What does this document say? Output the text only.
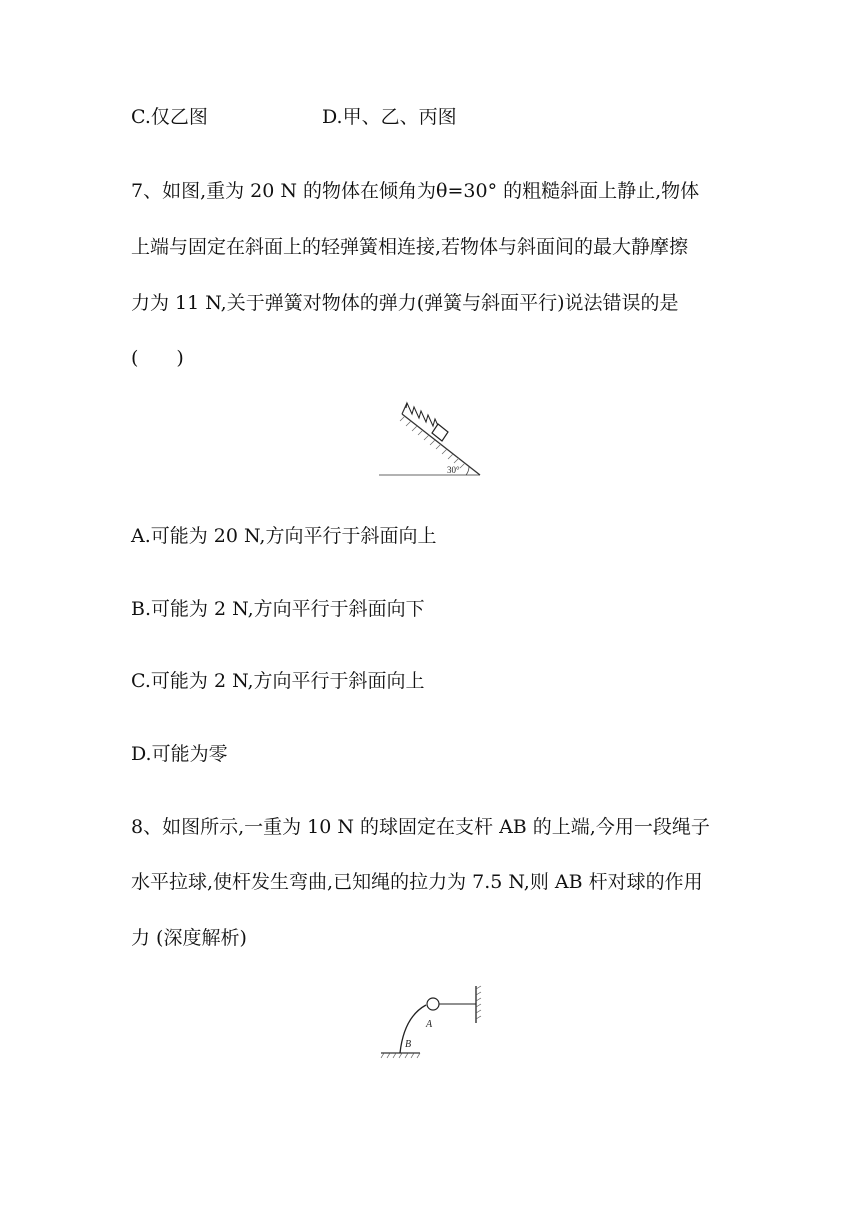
C.仅乙图	D.甲、乙、丙图
7、如图,重为 20 N 的物体在倾角为θ=30° 的粗糙斜面上静止,物体
上端与固定在斜面上的轻弹簧相连接,若物体与斜面间的最大静摩擦
力为 11 N,关于弹簧对物体的弹力(弹簧与斜面平行)说法错误的是
(　　)
30°
A.可能为 20 N,方向平行于斜面向上
B.可能为 2 N,方向平行于斜面向下
C.可能为 2 N,方向平行于斜面向上
D.可能为零
8、如图所示,一重为 10 N 的球固定在支杆 AB 的上端,今用一段绳子
水平拉球,使杆发生弯曲,已知绳的拉力为 7.5 N,则 AB 杆对球的作用
力 (深度解析)
A
B
